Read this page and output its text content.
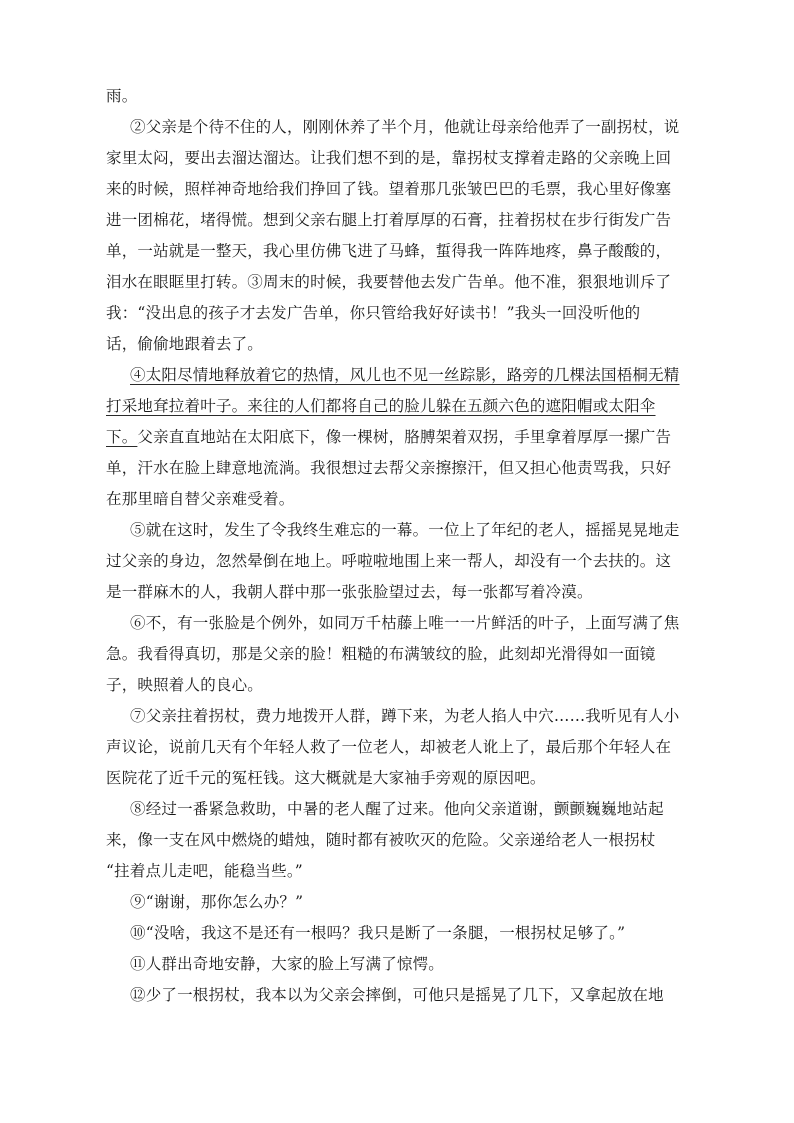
雨。
②父亲是个待不住的人，刚刚休养了半个月，他就让母亲给他弄了一副拐杖，说
家里太闷，要出去溜达溜达。让我们想不到的是，靠拐杖支撑着走路的父亲晚上回
来的时候，照样神奇地给我们挣回了钱。望着那几张皱巴巴的毛票，我心里好像塞
进一团棉花，堵得慌。想到父亲右腿上打着厚厚的石膏，拄着拐杖在步行街发广告
单，一站就是一整天，我心里仿佛飞进了马蜂，蜇得我一阵阵地疼，鼻子酸酸的，
泪水在眼眶里打转。③周末的时候，我要替他去发广告单。他不准，狠狠地训斥了
我：“没出息的孩子才去发广告单，你只管给我好好读书！”我头一回没听他的
话，偷偷地跟着去了。
④太阳尽情地释放着它的热情，风儿也不见一丝踪影，路旁的几棵法国梧桐无精
打采地耷拉着叶子。来往的人们都将自己的脸儿躲在五颜六色的遮阳帽或太阳伞
下。父亲直直地站在太阳底下，像一棵树，胳膊架着双拐，手里拿着厚厚一摞广告
单，汗水在脸上肆意地流淌。我很想过去帮父亲擦擦汗，但又担心他责骂我，只好
在那里暗自替父亲难受着。
⑤就在这时，发生了令我终生难忘的一幕。一位上了年纪的老人，摇摇晃晃地走
过父亲的身边，忽然晕倒在地上。呼啦啦地围上来一帮人，却没有一个去扶的。这
是一群麻木的人，我朝人群中那一张张脸望过去，每一张都写着冷漠。
⑥不，有一张脸是个例外，如同万千枯藤上唯一一片鲜活的叶子，上面写满了焦
急。我看得真切，那是父亲的脸！粗糙的布满皱纹的脸，此刻却光滑得如一面镜
子，映照着人的良心。
⑦父亲拄着拐杖，费力地拨开人群，蹲下来，为老人掐人中穴……我听见有人小
声议论，说前几天有个年轻人救了一位老人，却被老人讹上了，最后那个年轻人在
医院花了近千元的冤枉钱。这大概就是大家袖手旁观的原因吧。
⑧经过一番紧急救助，中暑的老人醒了过来。他向父亲道谢，颤颤巍巍地站起
来，像一支在风中燃烧的蜡烛，随时都有被吹灭的危险。父亲递给老人一根拐杖
“拄着点儿走吧，能稳当些。”
⑨“谢谢，那你怎么办？”
⑩“没啥，我这不是还有一根吗？我只是断了一条腿，一根拐杖足够了。”
⑪人群出奇地安静，大家的脸上写满了惊愕。
⑫少了一根拐杖，我本以为父亲会摔倒，可他只是摇晃了几下，又拿起放在地
